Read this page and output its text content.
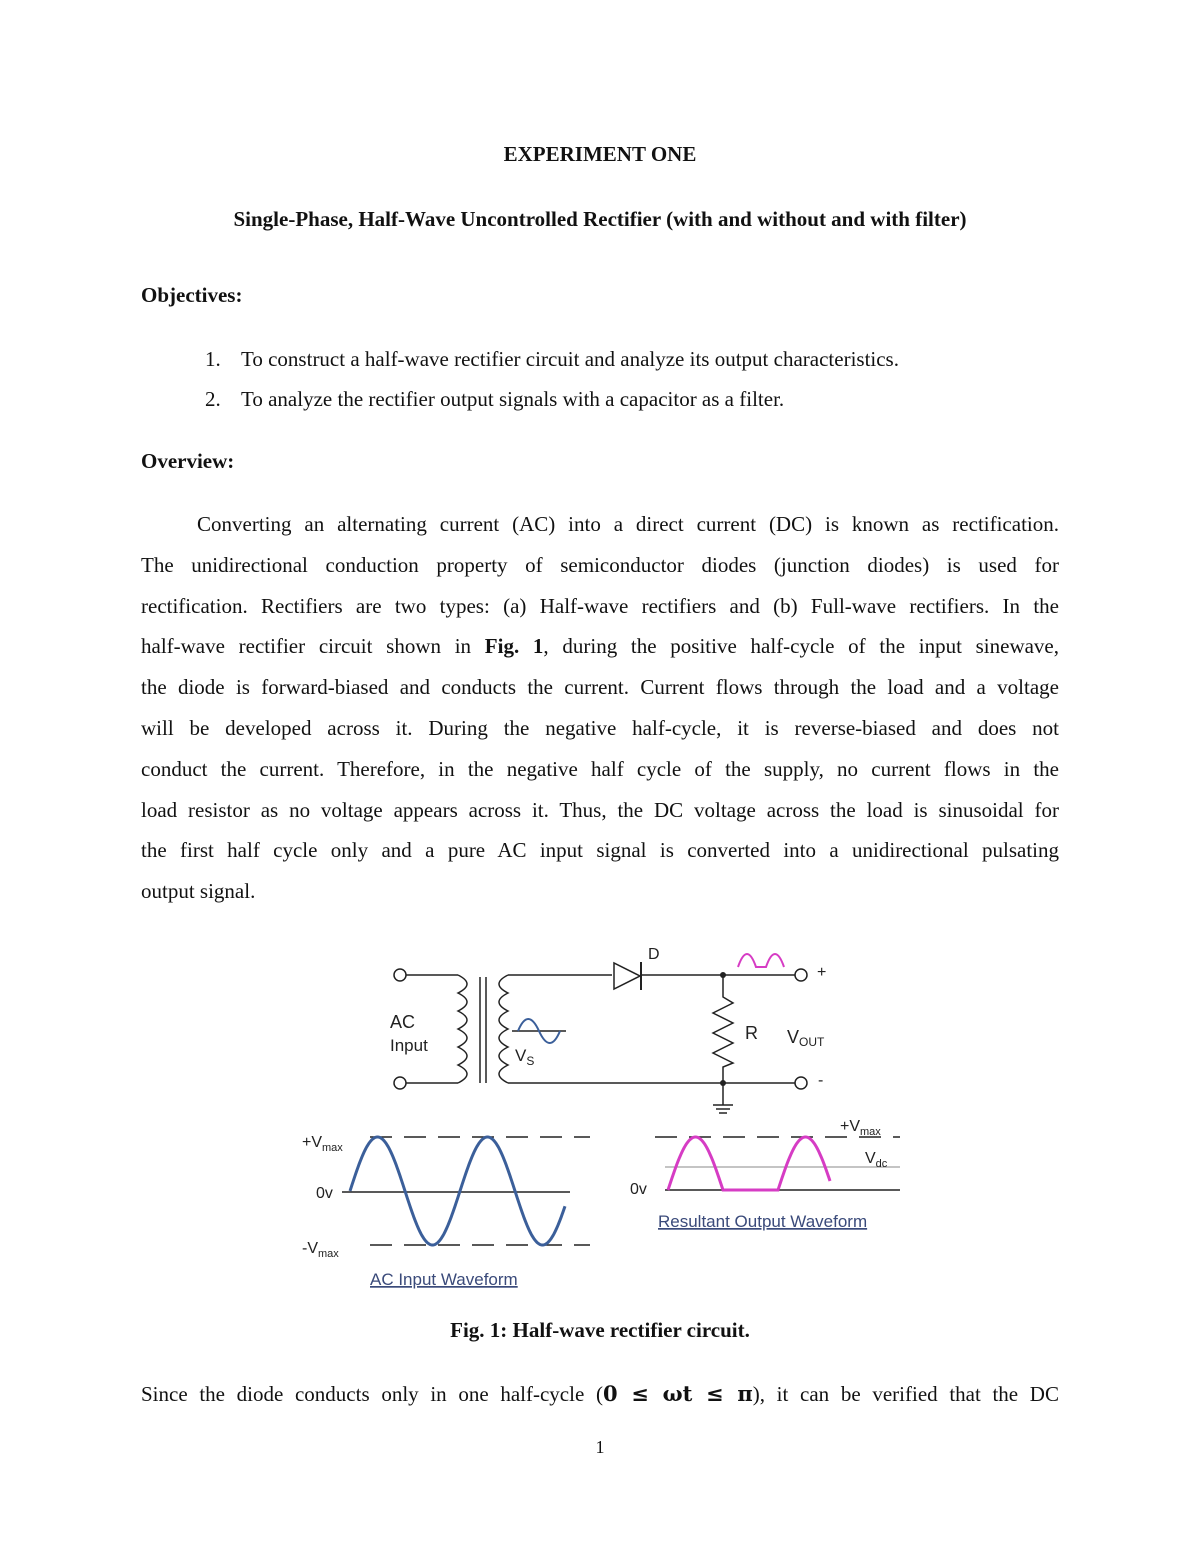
EXPERIMENT ONE
Single-Phase, Half-Wave Uncontrolled Rectifier (with and without and with filter)
Objectives:
1. To construct a half-wave rectifier circuit and analyze its output characteristics.
2. To analyze the rectifier output signals with a capacitor as a filter.
Overview:
Converting an alternating current (AC) into a direct current (DC) is known as rectification.
The unidirectional conduction property of semiconductor diodes (junction diodes) is used for
rectification. Rectifiers are two types: (a) Half-wave rectifiers and (b) Full-wave rectifiers. In the
half-wave rectifier circuit shown in Fig. 1, during the positive half-cycle of the input sinewave,
the diode is forward-biased and conducts the current. Current flows through the load and a voltage
will be developed across it. During the negative half-cycle, it is reverse-biased and does not
conduct the current. Therefore, in the negative half cycle of the supply, no current flows in the
load resistor as no voltage appears across it. Thus, the DC voltage across the load is sinusoidal for
the first half cycle only and a pure AC input signal is converted into a unidirectional pulsating
output signal.
AC
Input
$V_S$
D
R
+
-
VOUT
$+V_{max}$
0v
$-V_{max}$
AC Input Waveform
$+V_{max}$
$V_{dc}$
0v
Resultant Output Waveform
Fig. 1: Half-wave rectifier circuit.
Since the diode conducts only in one half-cycle (0 ≤ ωt ≤ π), it can be verified that the DC
1
